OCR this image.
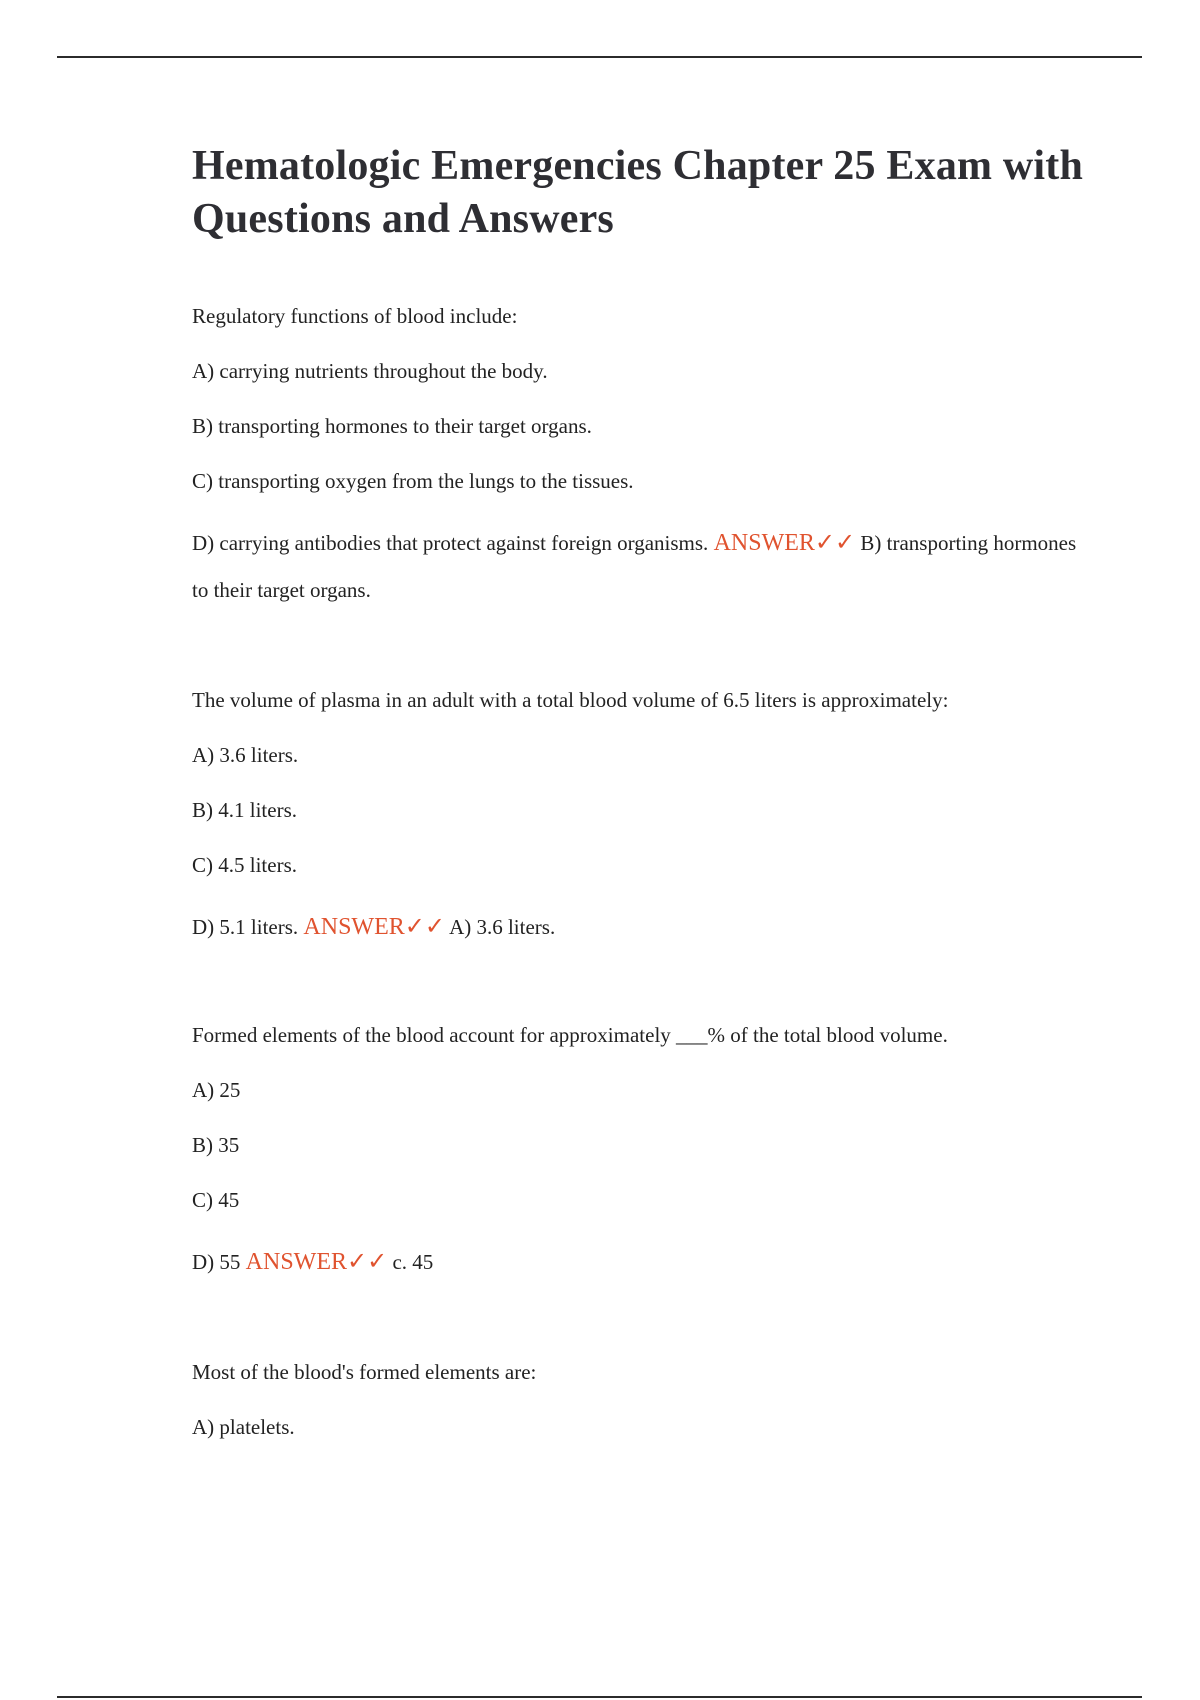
Hematologic Emergencies Chapter 25 Exam with Questions and Answers

Regulatory functions of blood include:

A) carrying nutrients throughout the body.

B) transporting hormones to their target organs.

C) transporting oxygen from the lungs to the tissues.

D) carrying antibodies that protect against foreign organisms. ANSWER✓✓ B) transporting hormones to their target organs.

The volume of plasma in an adult with a total blood volume of 6.5 liters is approximately:

A) 3.6 liters.

B) 4.1 liters.

C) 4.5 liters.

D) 5.1 liters. ANSWER✓✓ A) 3.6 liters.

Formed elements of the blood account for approximately ___% of the total blood volume.

A) 25

B) 35

C) 45

D) 55 ANSWER✓✓ c. 45

Most of the blood's formed elements are:

A) platelets.
